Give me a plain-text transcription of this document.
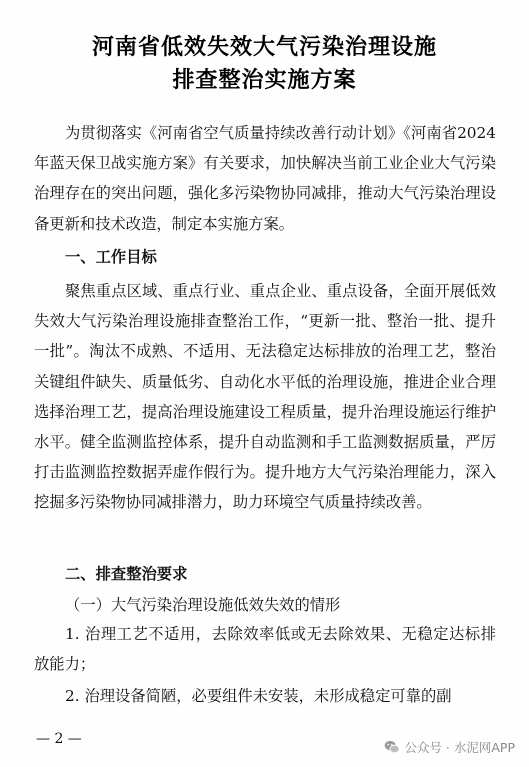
河南省低效失效大气污染治理设施
排查整治实施方案

为贯彻落实《河南省空气质量持续改善行动计划》《河南省2024年蓝天保卫战实施方案》有关要求，加快解决当前工业企业大气污染治理存在的突出问题，强化多污染物协同减排，推动大气污染治理设备更新和技术改造，制定本实施方案。

一、工作目标

聚焦重点区域、重点行业、重点企业、重点设备，全面开展低效失效大气污染治理设施排查整治工作，“更新一批、整治一批、提升一批”。淘汰不成熟、不适用、无法稳定达标排放的治理工艺，整治关键组件缺失、质量低劣、自动化水平低的治理设施，推进企业合理选择治理工艺，提高治理设施建设工程质量，提升治理设施运行维护水平。健全监测监控体系，提升自动监测和手工监测数据质量，严厉打击监测监控数据弄虚作假行为。提升地方大气污染治理能力，深入挖掘多污染物协同减排潜力，助力环境空气质量持续改善。

二、排查整治要求
（一）大气污染治理设施低效失效的情形

1. 治理工艺不适用，去除效率低或无去除效果、无稳定达标排放能力；

2. 治理设备简陋，必要组件未安装，未形成稳定可靠的副

— 2 —
公众号 · 水泥网APP
